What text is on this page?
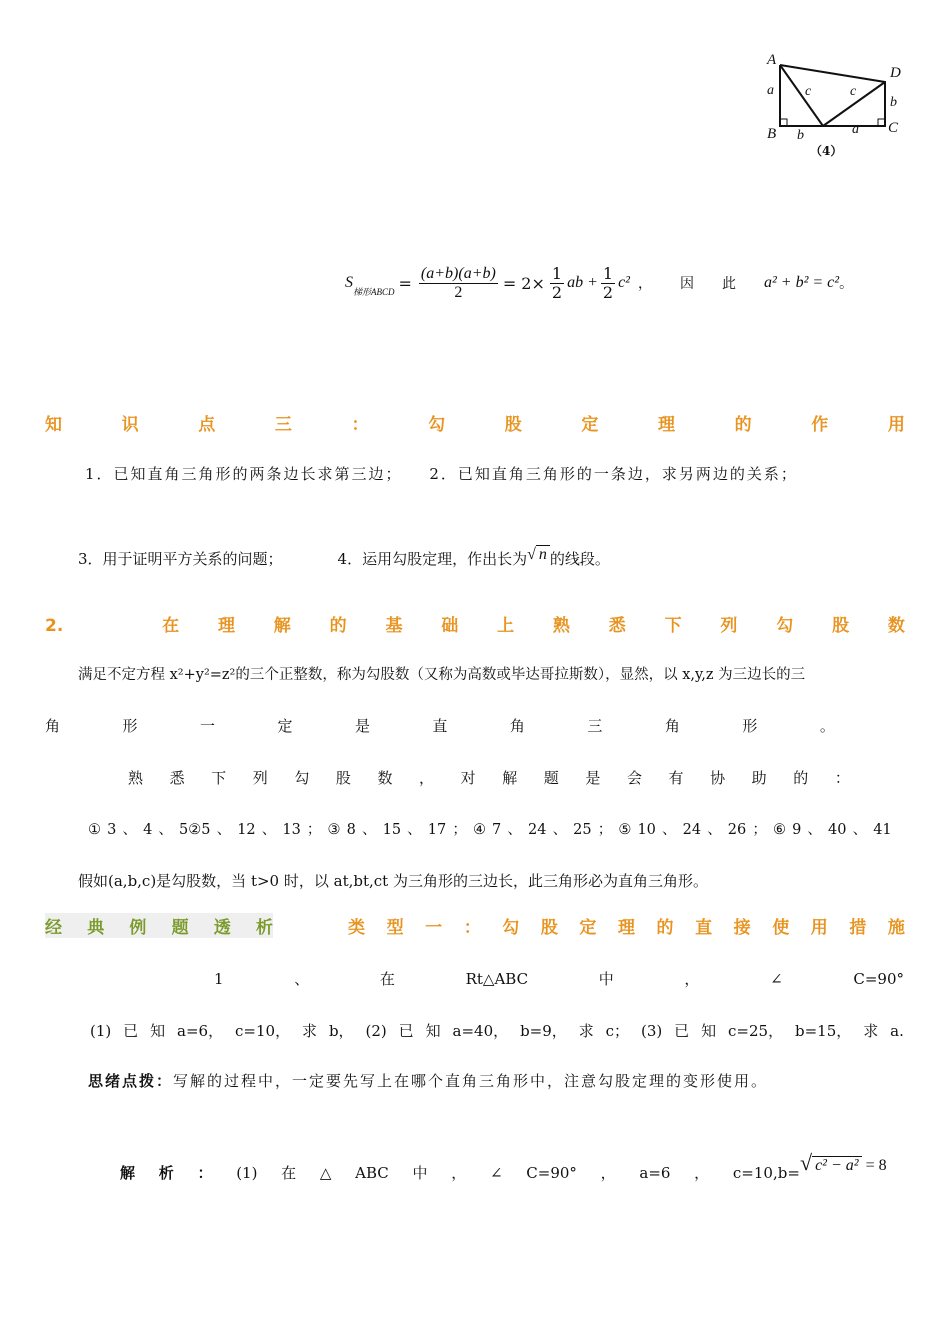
A
D
B	C
a c	c
b
b	a
（4）
S
梯形ABCD = $\frac{(a+b)(a+b)}{2} = 2\times \frac{1}{2}$ ab + $\frac{1}{2} c^2$ ， 因 此 a² + b² = c² 。
知	识	点	三	：	勾	股	定	理	的	作	用
1．已知直角三角形的两条边长求第三边； 2．已知直角三角形的一条边，求另两边的关系；
3．用于证明平方关系的问题；	4．运用勾股定理，作出长为 √ n 的线段。
2.	在 理 解 的 基 础 上 熟 悉 下 列 勾 股 数
满足不定方程 x²+y²=z²的三个正整数，称为勾股数（又称为高数或毕达哥拉斯数），显然，以 x,y,z 为三边长的三
角	形	一	定	是	直	角	三	角	形	。
熟 悉 下 列 勾 股 数 ， 对 解 题 是 会 有 协 助 的 ：
① 3 、 4 、 5②5 、 12 、 13 ； ③ 8 、 15 、 17 ； ④ 7 、 24 、 25 ； ⑤ 10 、 24 、 26 ； ⑥ 9 、 40 、 41
假如(a,b,c)是勾股数，当 t>0 时，以 at,bt,ct 为三角形的三边长，此三角形必为直角三角形。
经 典 例 题 透 析	类 型 一 ： 勾 股 定 理 的 直 接 使 用 措 施
1	、	在	Rt△ABC	中	，	∠	C=90°
(1) 已 知 a=6， c=10， 求 b， (2) 已 知 a=40， b=9， 求 c； (3) 已 知 c=25， b=15， 求 a.
思绪点拨：写解的过程中，一定要先写上在哪个直角三角形中，注意勾股定理的变形使用。
解 析 ： (1) 在 △ ABC 中 ， ∠ C=90° ， a=6 ， c=10,b= √ c² − a² = 8
